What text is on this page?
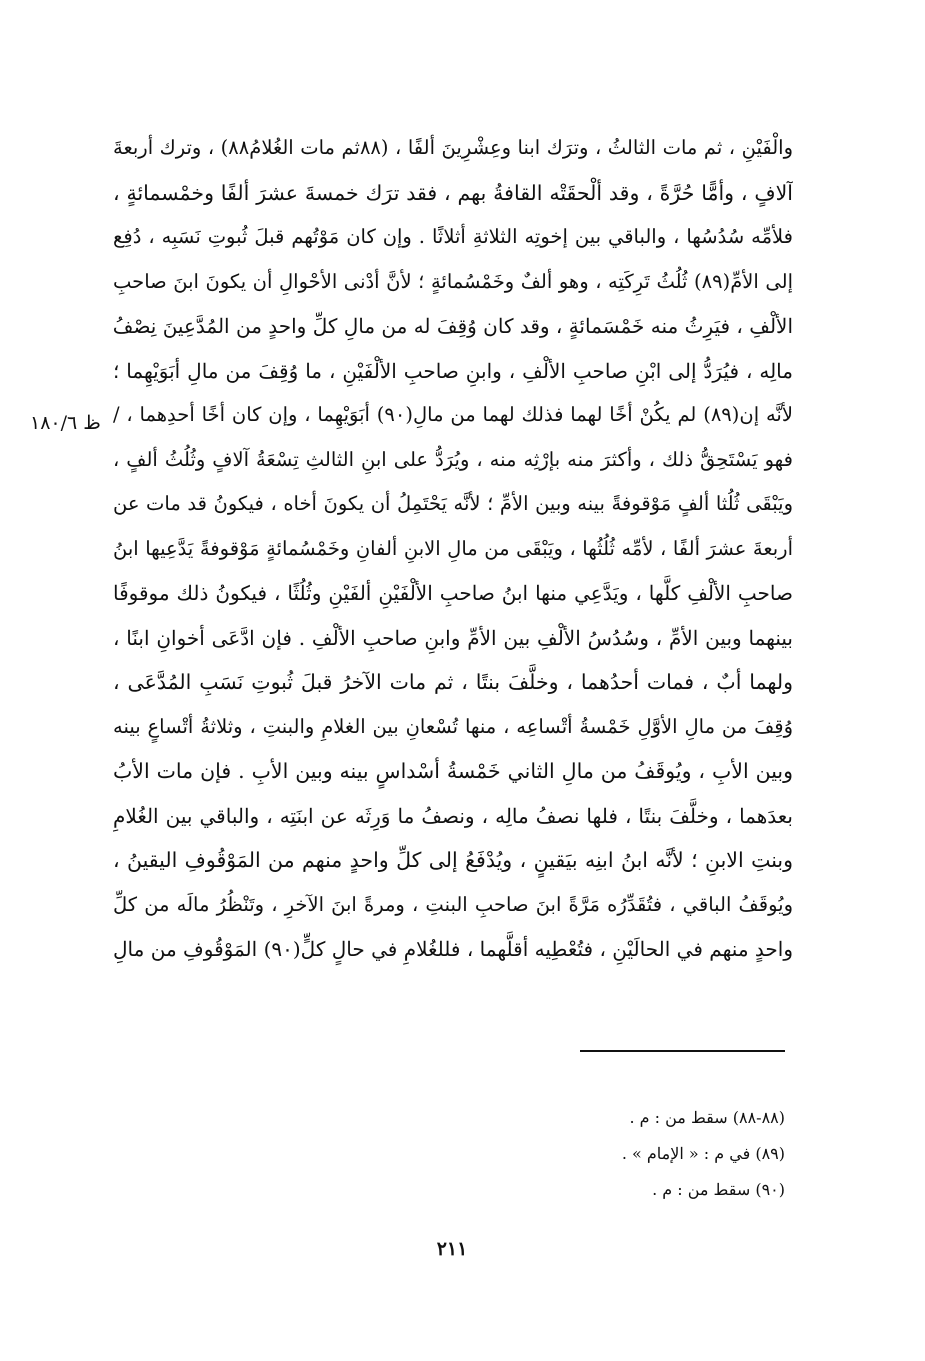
والْفَيْنِ ، ثم مات الثالثُ ، وترَك ابنا وعِشْرِينَ ألفًا ، (٨٨ثم مات الغُلامُ٨٨) ، وترك أربعةَ
آلافٍ ، وأمًّا حُرَّةً ، وقد ألْحقَتْه القافةُ بهم ، فقد ترَك خمسةَ عشرَ ألفًا وخمْسمائةٍ ،
فلأمِّه سُدُسُها ، والباقي بين إخوتِه الثلاثةِ أثلاثًا . وإن كان مَوْتُهم قبلَ ثُبوتِ نَسَبِه ، دُفِع
إلى الأمِّ(٨٩) ثُلُثُ تَرِكَتِه ، وهو ألفٌ وخَمْسُمائةٍ ؛ لأنَّ أدْنى الأحْوالِ أن يكونَ ابنَ صاحبِ
الألْفِ ، فيَرِثُ منه خَمْسَمائةٍ ، وقد كان وُقِفَ له من مالِ كلِّ واحدٍ من المُدَّعِينَ نِصْفُ
مالِه ، فيُرَدُّ إلى ابْنِ صاحبِ الألْفِ ، وابنِ صاحبِ الألْفَيْنِ ، ما وُقِفَ من مالِ أبَوَيْهِما ؛
لأنَّه إن(٨٩) لم يكُنْ أخًا لهما فذلك لهما من مالِ(٩٠) أبَوَيْهِما ، وإن كان أخًا أحدِهما ، /
فهو يَسْتَحِقُّ ذلك ، وأكثرَ منه بإرْثِه منه ، ويُرَدُّ على ابنِ الثالثِ تِسْعَةُ آلافٍ وثُلُثُ ألفٍ ،
ويَبْقَى ثُلُثا ألفٍ مَوْقوفةً بينه وبين الأمِّ ؛ لأنَّه يَحْتَمِلُ أن يكونَ أخاه ، فيكونُ قد مات عن
أربعةَ عشرَ ألفًا ، لأمِّه ثُلُثُها ، ويَبْقَى من مالِ الابنِ ألفانِ وخَمْسُمائةٍ مَوْقوفةً يَدَّعِيها ابنُ
صاحبِ الألْفِ كلَّها ، ويَدَّعِي منها ابنُ صاحبِ الألْفَيْنِ ألفَيْنِ وثُلُثًا ، فيكونُ ذلك موقوفًا
بينهما وبين الأمِّ ، وسُدُسُ الألْفِ بين الأمِّ وابنِ صاحبِ الألْفِ . فإن ادَّعَى أخوانِ ابنًا ،
ولهما أبٌ ، فمات أحدُهما ، وخلَّفَ بنتًا ، ثم مات الآخرُ قبلَ ثُبوتِ نَسَبِ المُدَّعَى ،
وُقِفَ من مالِ الأوَّلِ خَمْسةُ أتْساعِه ، منها تُسْعانِ بين الغلامِ والبنتِ ، وثلاثةُ أتْساعٍ بينه
وبين الأبِ ، ويُوقَفُ من مالِ الثاني خَمْسةُ أسْداسٍ بينه وبين الأبِ . فإن مات الأبُ
بعدَهما ، وخلَّفَ بنتًا ، فلها نصفُ مالِه ، ونصفُ ما وَرِثَه عن ابنَتِه ، والباقي بين الغُلامِ
وبنتِ الابنِ ؛ لأنَّه ابنُ ابنِه بيَقينٍ ، ويُدْفَعُ إلى كلِّ واحدٍ منهم من المَوْقُوفِ اليقينُ ،
ويُوقَفُ الباقي ، فتُقَدِّرُه مَرَّةً ابنَ صاحبِ البنتِ ، ومرةً ابنَ الآخرِ ، وتَنْظُرُ مالَه من كلِّ
واحدٍ منهم في الحالَيْنِ ، فتُعْطِيه أقلَّهما ، فللغُلامِ في حالٍ كلٍّ(٩٠) المَوْقُوفِ من مالِ
ظ ١٨٠/٦
(٨٨-٨٨) سقط من : م .
(٨٩) في م : « الإمام » .
(٩٠) سقط من : م .
٢١١
